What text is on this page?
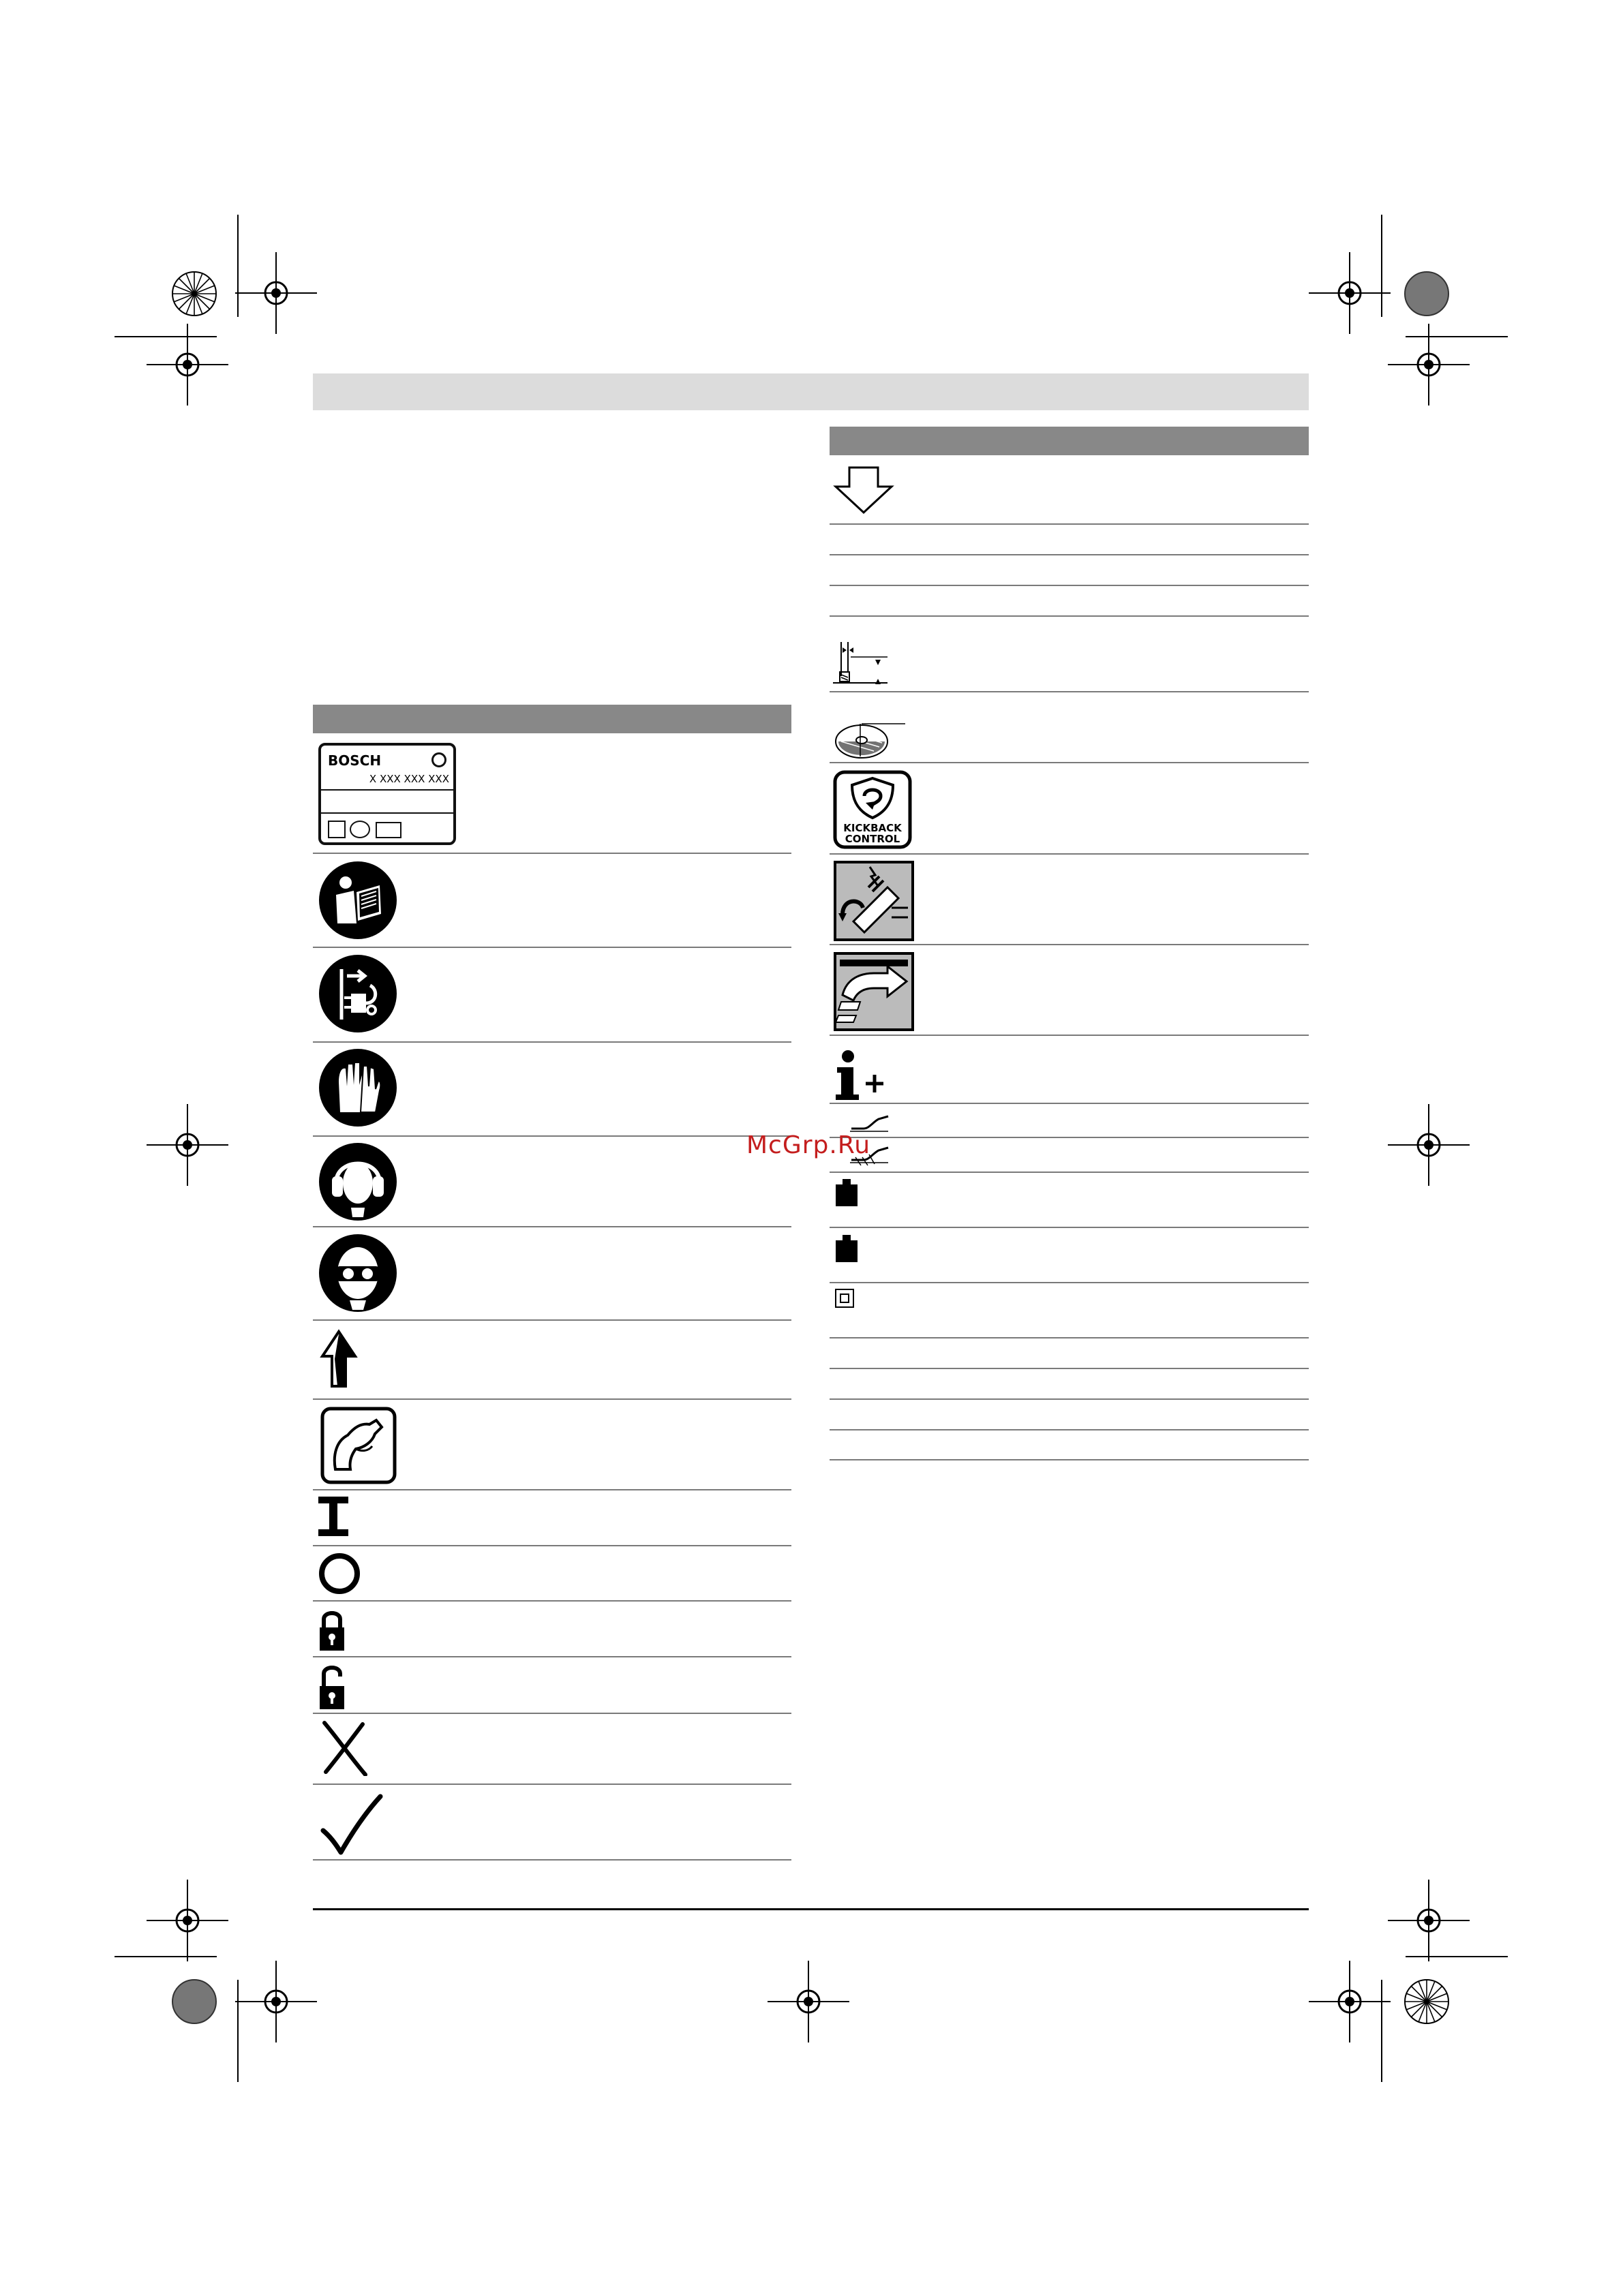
BOSCH
X XXX XXX XXX
KICKBACK
CONTROL
McGrp.Ru
